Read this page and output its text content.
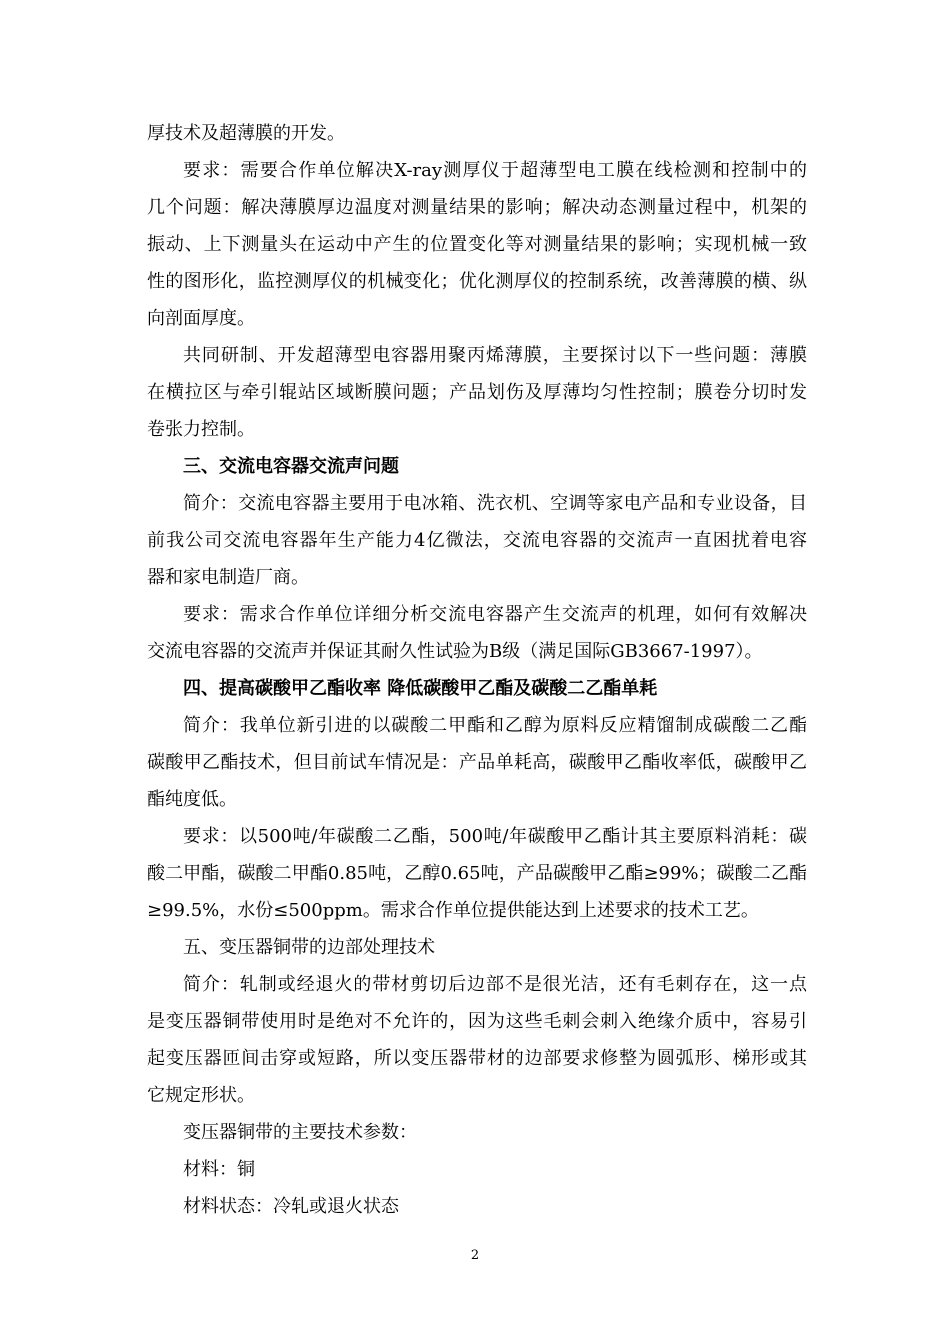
厚技术及超薄膜的开发。
要求：需要合作单位解决X-ray测厚仪于超薄型电工膜在线检测和控制中的
几个问题：解决薄膜厚边温度对测量结果的影响；解决动态测量过程中，机架的
振动、上下测量头在运动中产生的位置变化等对测量结果的影响；实现机械一致
性的图形化，监控测厚仪的机械变化；优化测厚仪的控制系统，改善薄膜的横、纵
向剖面厚度。
共同研制、开发超薄型电容器用聚丙烯薄膜，主要探讨以下一些问题：薄膜
在横拉区与牵引辊站区域断膜问题；产品划伤及厚薄均匀性控制；膜卷分切时发
卷张力控制。
三、交流电容器交流声问题
简介：交流电容器主要用于电冰箱、洗衣机、空调等家电产品和专业设备，目
前我公司交流电容器年生产能力4亿微法，交流电容器的交流声一直困扰着电容
器和家电制造厂商。
要求：需求合作单位详细分析交流电容器产生交流声的机理，如何有效解决
交流电容器的交流声并保证其耐久性试验为B级（满足国际GB3667-1997）。
四、提高碳酸甲乙酯收率 降低碳酸甲乙酯及碳酸二乙酯单耗
简介：我单位新引进的以碳酸二甲酯和乙醇为原料反应精馏制成碳酸二乙酯
碳酸甲乙酯技术，但目前试车情况是：产品单耗高，碳酸甲乙酯收率低，碳酸甲乙
酯纯度低。
要求：以500吨/年碳酸二乙酯，500吨/年碳酸甲乙酯计其主要原料消耗：碳
酸二甲酯，碳酸二甲酯0.85吨，乙醇0.65吨，产品碳酸甲乙酯≥99%；碳酸二乙酯
≥99.5%，水份≤500ppm。需求合作单位提供能达到上述要求的技术工艺。
五、变压器铜带的边部处理技术
简介：轧制或经退火的带材剪切后边部不是很光洁，还有毛刺存在，这一点
是变压器铜带使用时是绝对不允许的，因为这些毛刺会刺入绝缘介质中，容易引
起变压器匝间击穿或短路，所以变压器带材的边部要求修整为圆弧形、梯形或其
它规定形状。
变压器铜带的主要技术参数：
材料：铜
材料状态：冷轧或退火状态
2
